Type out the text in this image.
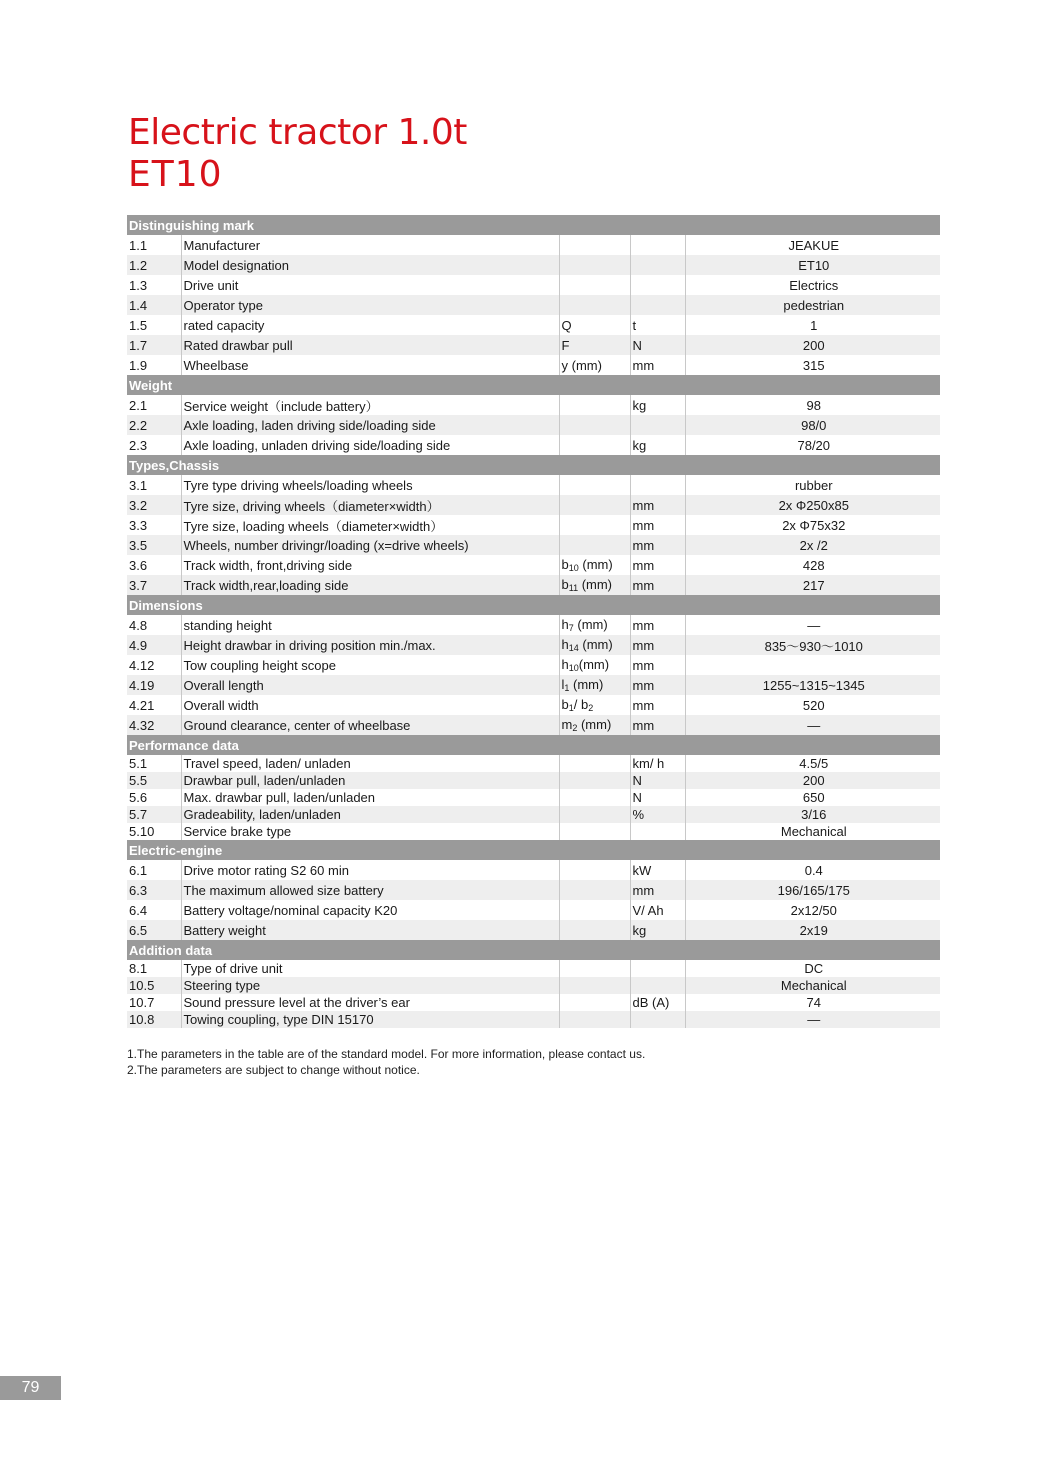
Electric tractor 1.0t
ET10
Distinguishing mark				
1.1	Manufacturer			JEAKUE
1.2	Model designation			ET10
1.3	Drive unit			Electrics
1.4	Operator type			pedestrian
1.5	rated capacity	Q	t	1
1.7	Rated drawbar pull	F	N	200
1.9	Wheelbase	y (mm)	mm	315
Weight				
2.1	Service weight（include battery）		kg	98
2.2	Axle loading, laden driving side/loading side			98/0
2.3	Axle loading, unladen driving side/loading side		kg	78/20
Types,Chassis				
3.1	Tyre type driving wheels/loading wheels			rubber
3.2	Tyre size, driving wheels（diameter×width）		mm	2x Φ250x85
3.3	Tyre size, loading wheels（diameter×width）		mm	2x Φ75x32
3.5	Wheels, number drivingr/loading (x=drive wheels)		mm	2x /2
3.6	Track width, front,driving side	$b_{10}$ (mm)	mm	428
3.7	Track width,rear,loading side	$b_{11}$ (mm)	mm	217
Dimensions				
4.8	standing height	$h_7$ (mm)	mm	—
4.9	Height drawbar in driving position min./max.	$h_{14}$ (mm)	mm	835～930～1010
4.12	Tow coupling height scope	$h_{10}(mm)$	mm	
4.19	Overall length	$l_1$ (mm)	mm	1255~1315~1345
4.21	Overall width	$b_1/$ $b_2$	mm	520
4.32	Ground clearance, center of wheelbase	$m_2$ (mm)	mm	—
Performance data				
5.1	Travel speed, laden/ unladen		km/ h	4.5/5
5.5	Drawbar pull, laden/unladen		N	200
5.6	Max. drawbar pull, laden/unladen		N	650
5.7	Gradeability, laden/unladen		%	3/16
5.10	Service brake type			Mechanical
Electric-engine				
6.1	Drive motor rating S2 60 min		kW	0.4
6.3	The maximum allowed size battery		mm	196/165/175
6.4	Battery voltage/nominal capacity K20		V/ Ah	2x12/50
6.5	Battery weight		kg	2x19
Addition data				
8.1	Type of drive unit			DC
10.5	Steering type			Mechanical
10.7	Sound pressure level at the driver’s ear		dB (A)	74
10.8	Towing coupling, type DIN 15170			—
1.The parameters in the table are of the standard model. For more information, please contact us.
2.The parameters are subject to change without notice.
79
